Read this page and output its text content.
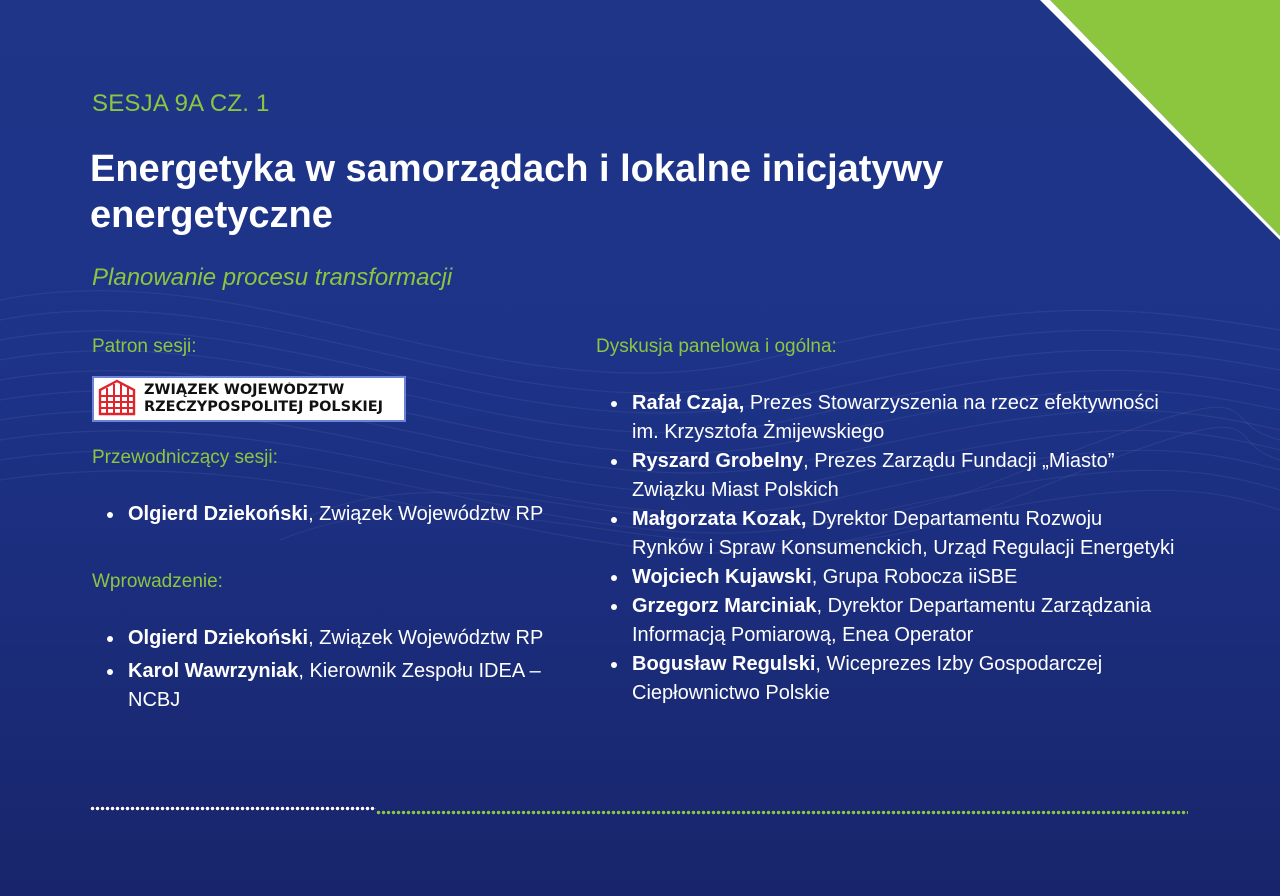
SESJA 9A CZ. 1
Energetyka w samorządach i lokalne inicjatywy energetyczne
Planowanie procesu transformacji
Patron sesji:
ZWIĄZEK WOJEWÓDZTW
RZECZYPOSPOLITEJ POLSKIEJ
Przewodniczący sesji:
Olgierd Dziekoński, Związek Województw RP
Wprowadzenie:
Olgierd Dziekoński, Związek Województw RP
Karol Wawrzyniak, Kierownik Zespołu IDEA – NCBJ
Dyskusja panelowa i ogólna:
Rafał Czaja, Prezes Stowarzyszenia na rzecz efektywności im. Krzysztofa Żmijewskiego
Ryszard Grobelny, Prezes Zarządu Fundacji „Miasto” Związku Miast Polskich
Małgorzata Kozak, Dyrektor Departamentu Rozwoju Rynków i Spraw Konsumenckich, Urząd Regulacji Energetyki
Wojciech Kujawski, Grupa Robocza iiSBE
Grzegorz Marciniak, Dyrektor Departamentu Zarządzania Informacją Pomiarową, Enea Operator
Bogusław Regulski, Wiceprezes Izby Gospodarczej Ciepłownictwo Polskie
